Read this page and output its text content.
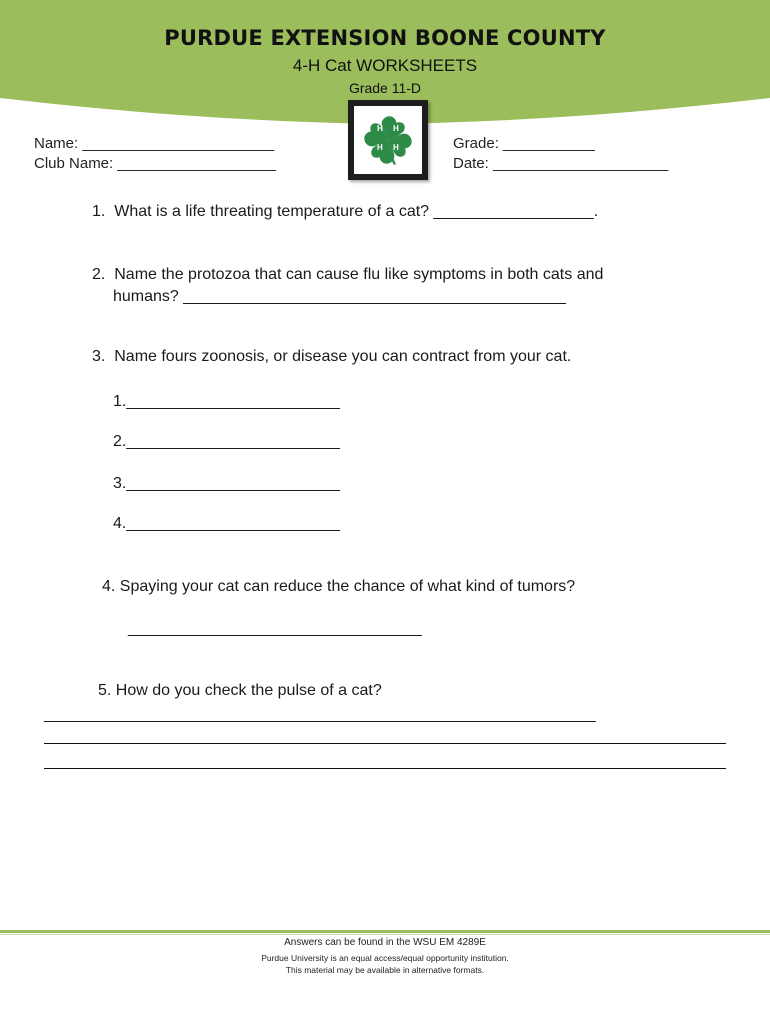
PURDUE EXTENSION BOONE COUNTY
4-H Cat WORKSHEETS
Grade 11-D
H H
H H
Name: _______________________
Club Name: ___________________
Grade: ___________
Date: _____________________
1.  What is a life threating temperature of a cat? __________________.
2.  Name the protozoa that can cause flu like symptoms in both cats and
humans? ___________________________________________
3.  Name fours zoonosis, or disease you can contract from your cat.
1.________________________
2.________________________
3.________________________
4.________________________
4. Spaying your cat can reduce the chance of what kind of tumors?
_________________________________
5. How do you check the pulse of a cat?
______________________________________________________________
Answers can be found in the WSU EM 4289E
Purdue University is an equal access/equal opportunity institution.
This material may be available in alternative formats.
